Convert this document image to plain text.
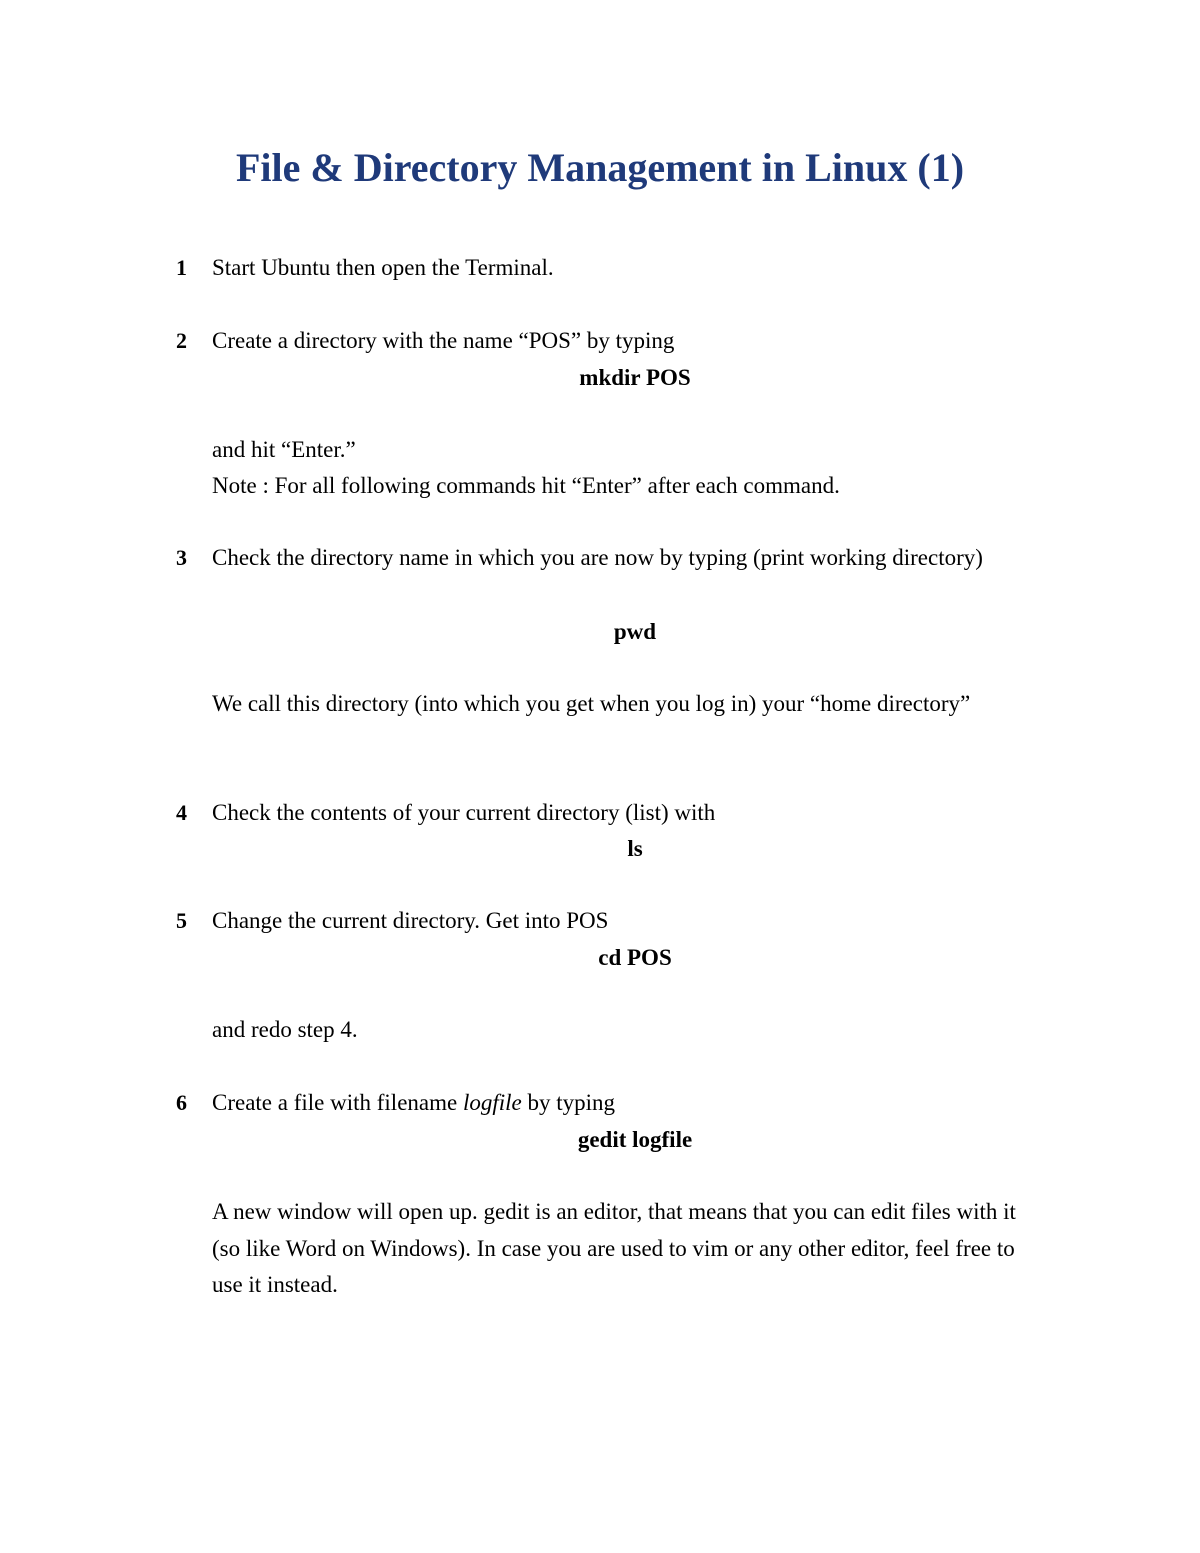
File & Directory Management in Linux (1)
1 Start Ubuntu then open the Terminal.
2 Create a directory with the name “POS” by typing
mkdir POS
and hit “Enter.”
Note : For all following commands hit “Enter” after each command.
3 Check the directory name in which you are now by typing (print working directory)
pwd
We call this directory (into which you get when you log in) your “home directory”
4 Check the contents of your current directory (list) with
ls
5 Change the current directory. Get into POS
cd POS
and redo step 4.
6 Create a file with filename logfile by typing
gedit logfile
A new window will open up. gedit is an editor, that means that you can edit files with it (so like Word on Windows). In case you are used to vim or any other editor, feel free to use it instead.
